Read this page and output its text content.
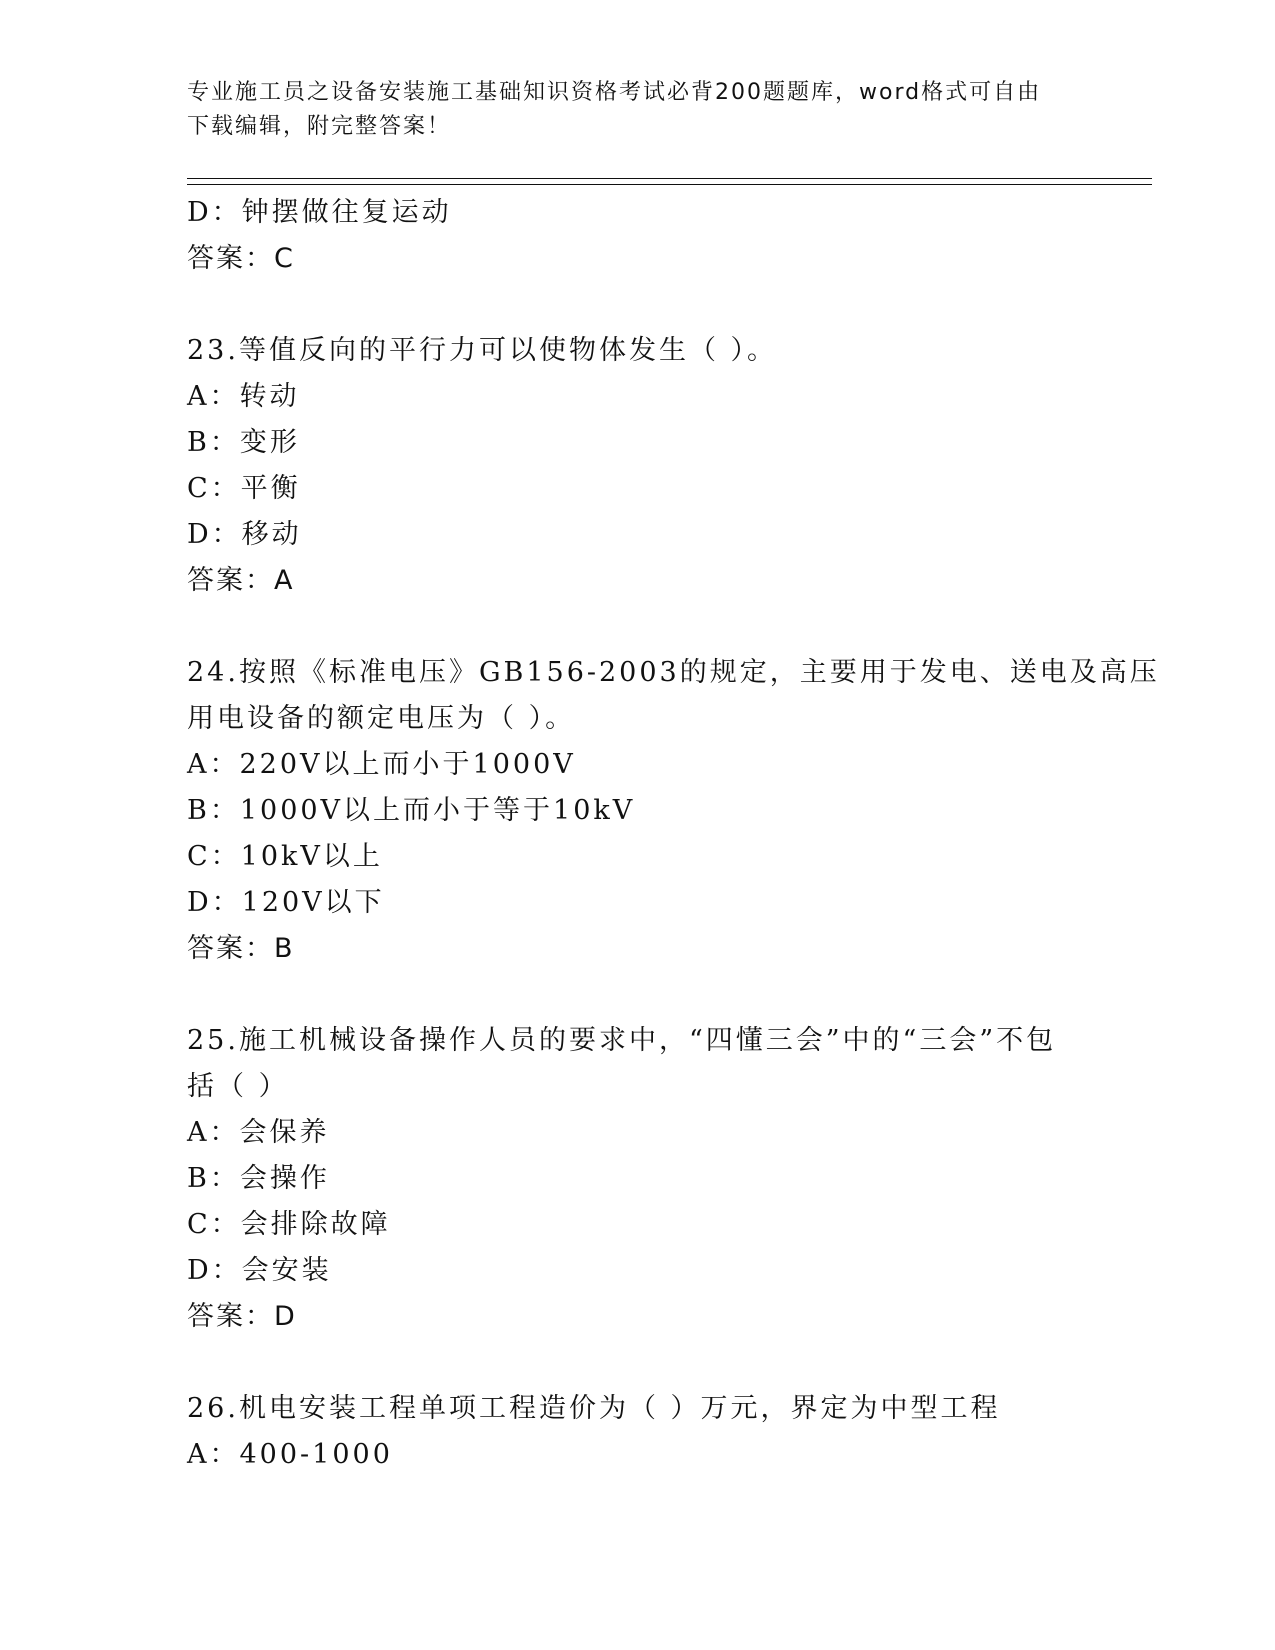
专业施工员之设备安装施工基础知识资格考试必背200题题库，word格式可自由
下载编辑，附完整答案！
D：钟摆做往复运动
答案：C
23.等值反向的平行力可以使物体发生（ ）。
A：转动
B：变形
C：平衡
D：移动
答案：A
24.按照《标准电压》GB156-2003的规定，主要用于发电、送电及高压
用电设备的额定电压为（ ）。
A：220V以上而小于1000V
B：1000V以上而小于等于10kV
C：10kV以上
D：120V以下
答案：B
25.施工机械设备操作人员的要求中，“四懂三会”中的“三会”不包
括（ ）
A：会保养
B：会操作
C：会排除故障
D：会安装
答案：D
26.机电安装工程单项工程造价为（ ）万元，界定为中型工程
A：400-1000
